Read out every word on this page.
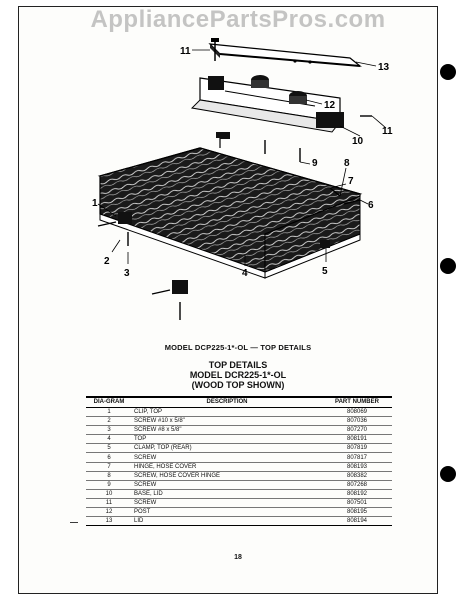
AppliancePartsPros.com
11
13
12
11
10
9	8
7
6
1
2
3	4	5
MODEL DCP225-1*-OL — TOP DETAILS
TOP DETAILS
MODEL DCR225-1*-OL
(WOOD TOP SHOWN)
DIA-GRAM	DESCRIPTION	PART NUMBER
1	CLIP, TOP	808069
2	SCREW #10 x 5/8"	807036
3	SCREW #8 x 5/8"	807270
4	TOP	808191
5	CLAMP, TOP (REAR)	807819
6	SCREW	807817
7	HINGE, HOSE COVER	808193
8	SCREW, HOSE COVER HINGE	808382
9	SCREW	807268
10	BASE, LID	808192
11	SCREW	807501
12	POST	808195
13	LID	808194
—
18
